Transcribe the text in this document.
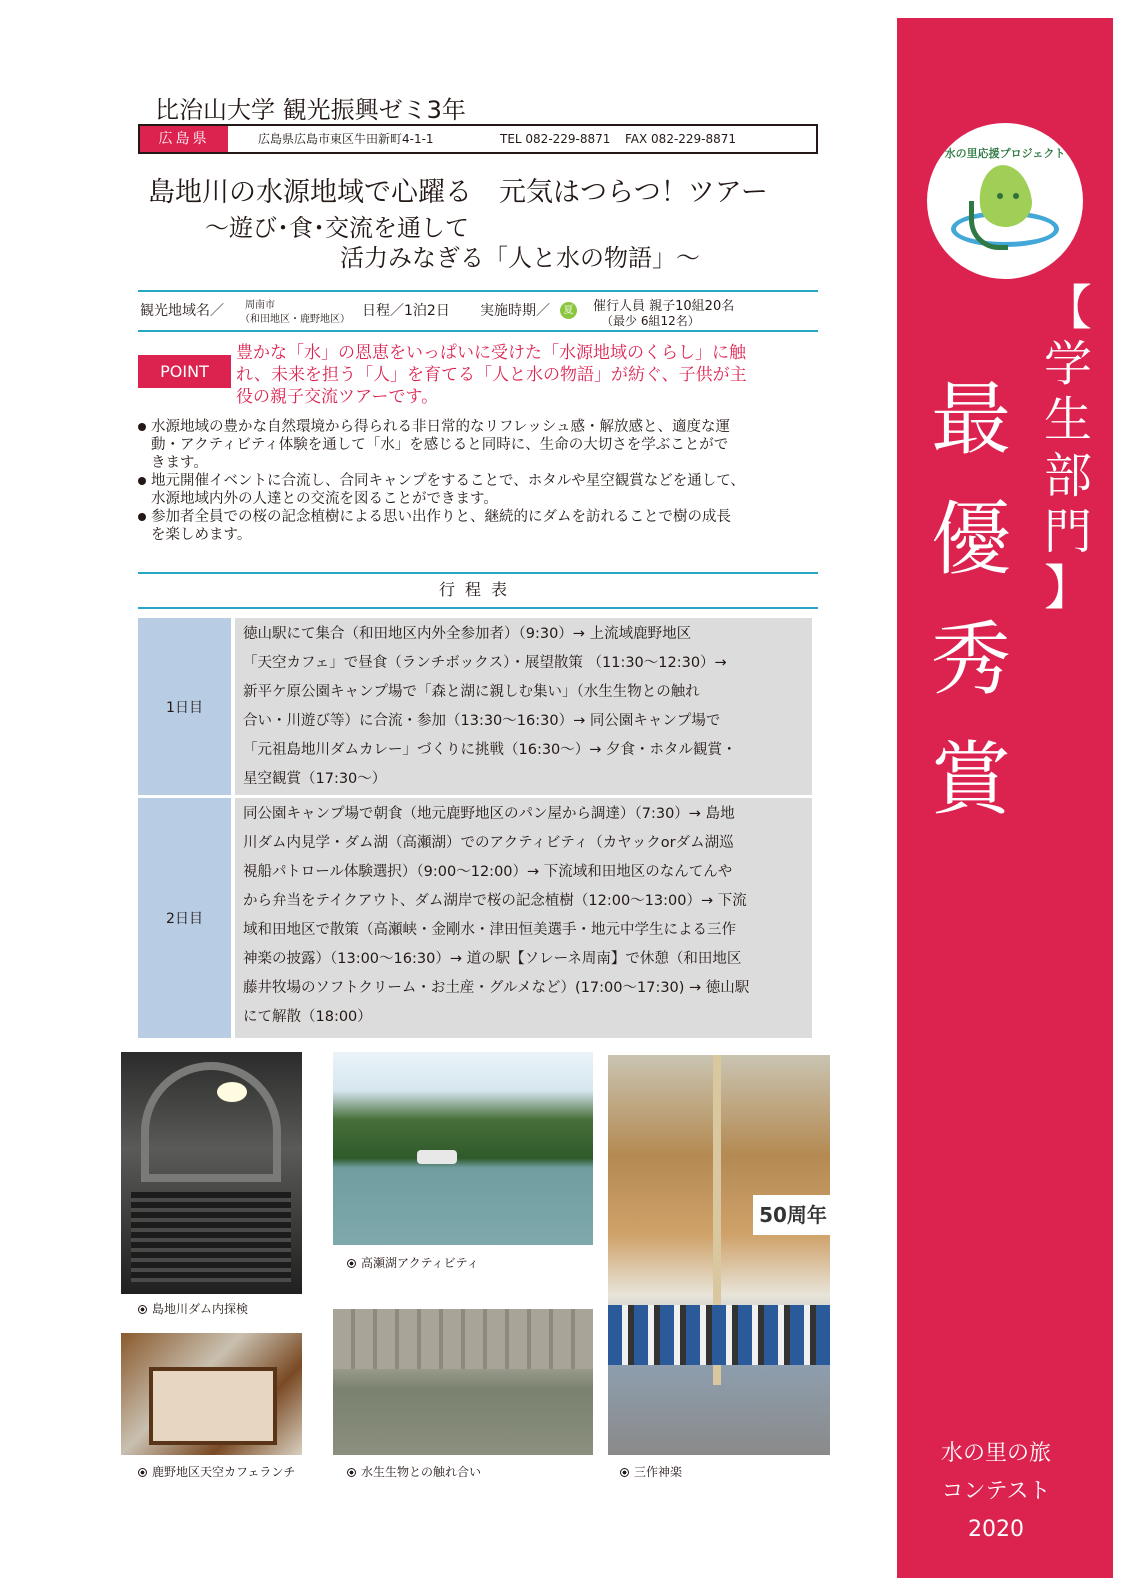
水の里応援プロジェクト
【
学
生
部
門
】
最
優
秀
賞
水の里の旅
コンテスト
2020
比治山大学 観光振興ゼミ3年
広島県	広島県広島市東区牛田新町4-1-1	TEL 082-229-8871 FAX 082-229-8871
島地川の水源地域で心躍る　元気はつらつ！ツアー
～遊び･食･交流を通して
活力みなぎる「人と水の物語」～
観光地域名／ 周南市
（和田地区・鹿野地区）
日程／1泊2日 実施時期／	夏 催行人員 親子10組20名
（最少 6組12名）
POINT
豊かな「水」の恩恵をいっぱいに受けた「水源地域のくらし」に触
れ、未来を担う「人」を育てる「人と水の物語」が紡ぐ、子供が主
役の親子交流ツアーです。
水源地域の豊かな自然環境から得られる非日常的なリフレッシュ感・解放感と、適度な運
動・アクティビティ体験を通して「水」を感じると同時に、生命の大切さを学ぶことがで
きます。
地元開催イベントに合流し、合同キャンプをすることで、ホタルや星空観賞などを通して、
水源地域内外の人達との交流を図ることができます。
参加者全員での桜の記念植樹による思い出作りと、継続的にダムを訪れることで樹の成長
を楽しめます。
行程表
1日目
徳山駅にて集合（和田地区内外全参加者）（9:30）→ 上流域鹿野地区
「天空カフェ」で昼食（ランチボックス）・展望散策 （11:30～12:30）→
新平ケ原公園キャンプ場で「森と湖に親しむ集い」（水生生物との触れ
合い・川遊び等）に合流・参加（13:30～16:30）→ 同公園キャンプ場で
「元祖島地川ダムカレー」づくりに挑戦（16:30～）→ 夕食・ホタル観賞・
星空観賞（17:30～）
2日目
同公園キャンプ場で朝食（地元鹿野地区のパン屋から調達）（7:30）→ 島地
川ダム内見学・ダム湖（高瀬湖）でのアクティビティ（カヤックorダム湖巡
視船パトロール体験選択）（9:00～12:00）→ 下流域和田地区のなんてんや
から弁当をテイクアウト、ダム湖岸で桜の記念植樹（12:00～13:00）→ 下流
域和田地区で散策（高瀬峡・金剛水・津田恒美選手・地元中学生による三作
神楽の披露）（13:00～16:30）→ 道の駅【ソレーネ周南】で休憩（和田地区
藤井牧場のソフトクリーム・お土産・グルメなど）(17:00～17:30) → 徳山駅
にて解散（18:00）
50周年
島地川ダム内探検
高瀬湖アクティビティ
鹿野地区天空カフェランチ	水生生物との触れ合い	三作神楽
